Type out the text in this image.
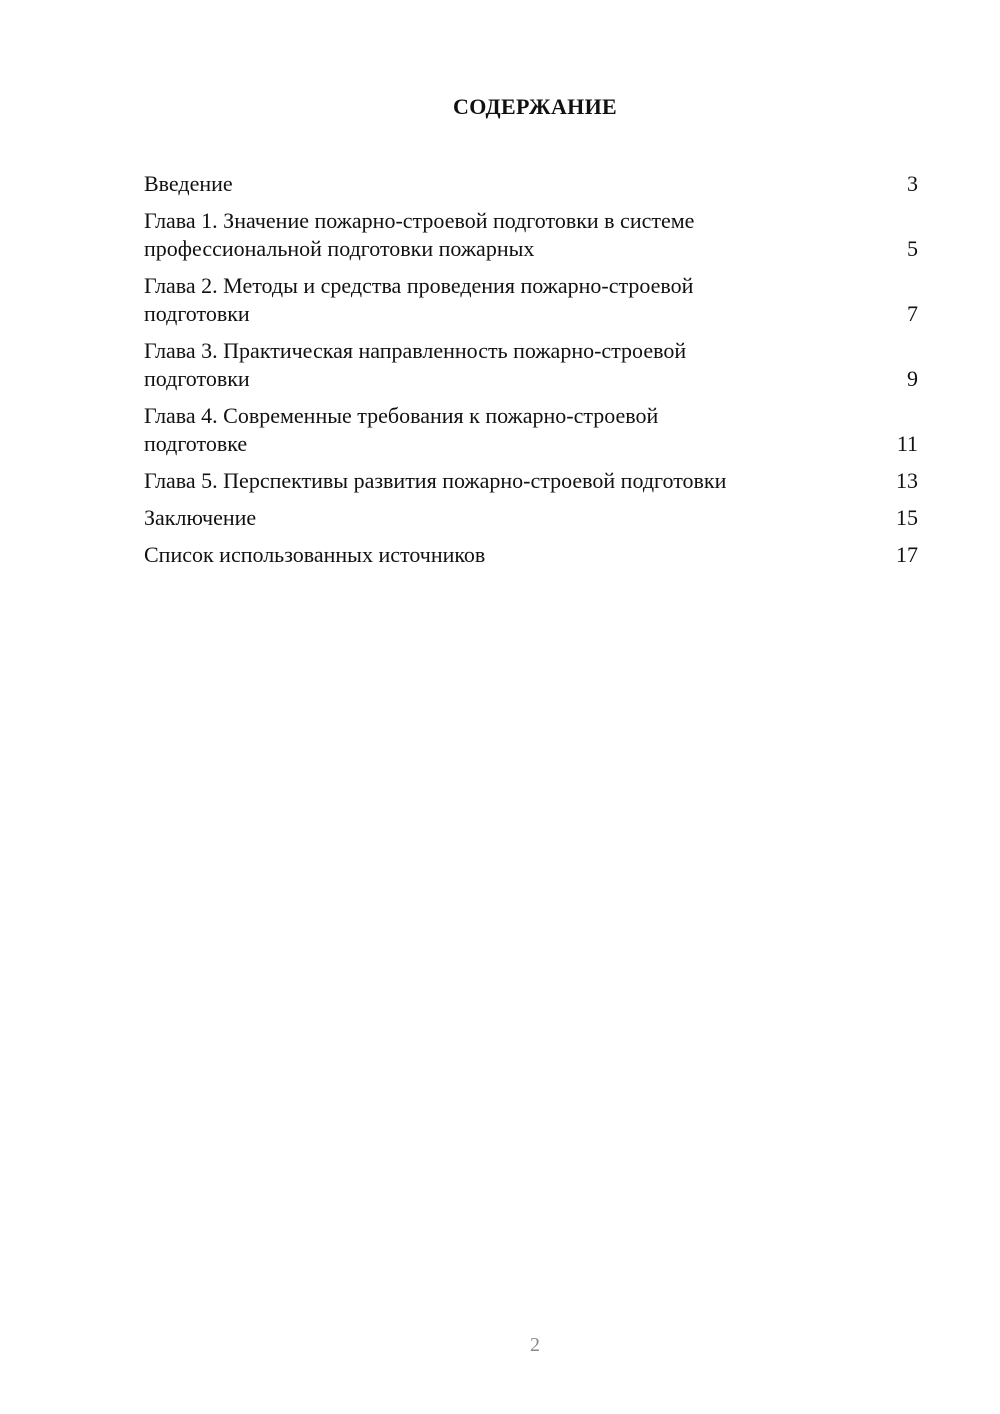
СОДЕРЖАНИЕ
Введение	3
Глава 1. Значение пожарно-строевой подготовки в системе
профессиональной подготовки пожарных	5
Глава 2. Методы и средства проведения пожарно-строевой
подготовки	7
Глава 3. Практическая направленность пожарно-строевой
подготовки	9
Глава 4. Современные требования к пожарно-строевой
подготовке	11
Глава 5. Перспективы развития пожарно-строевой подготовки	13
Заключение	15
Список использованных источников	17
2
